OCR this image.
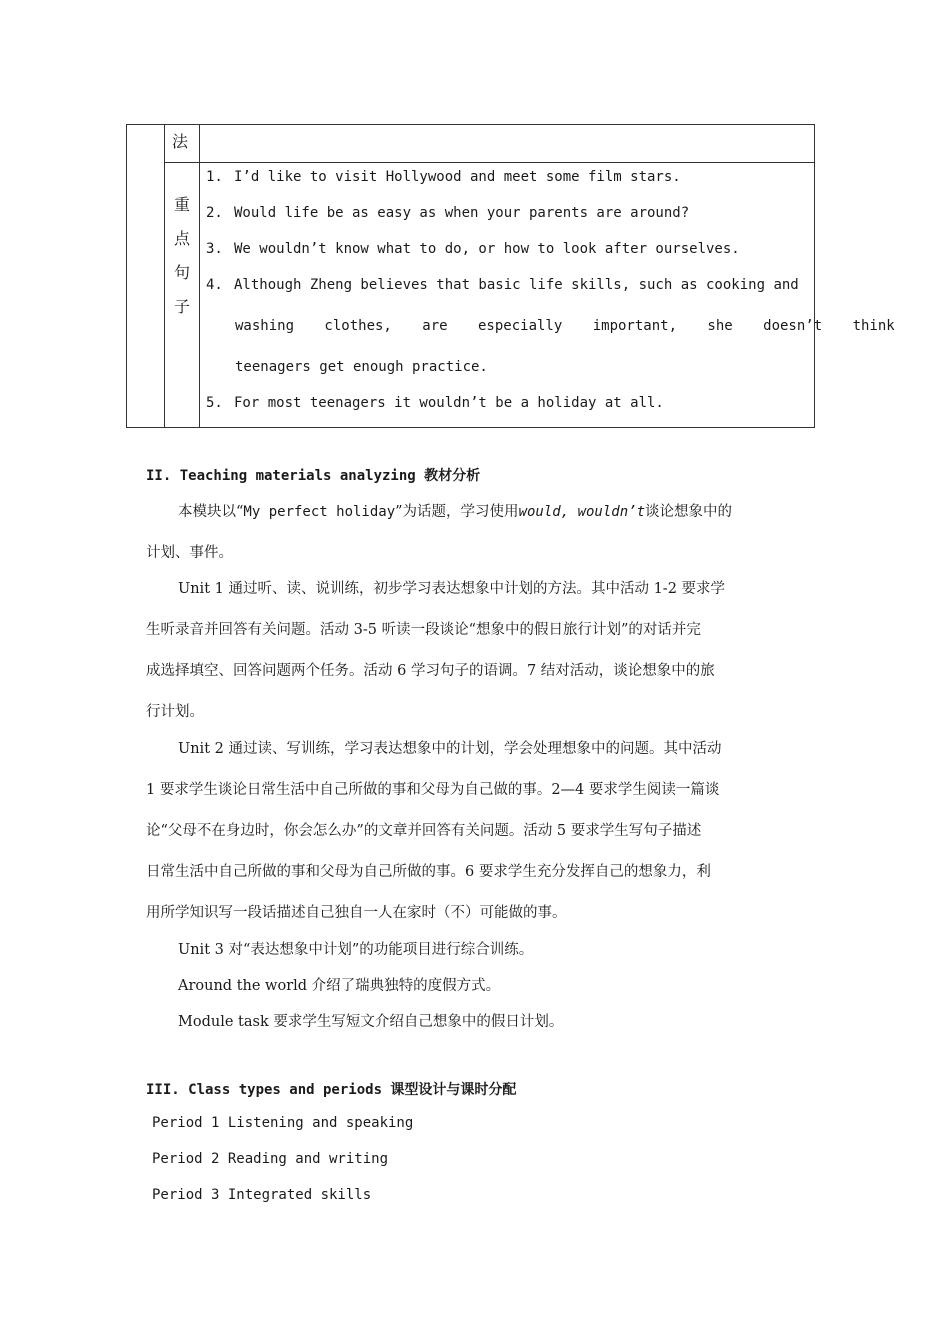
法
重
点
句
子
1. I’d like to visit Hollywood and meet some film stars.
2. Would life be as easy as when your parents are around?
3. We wouldn’t know what to do, or how to look after ourselves.
4. Although Zheng believes that basic life skills, such as cooking and
washing clothes, are especially important, she doesn’t think
teenagers get enough practice.
5. For most teenagers it wouldn’t be a holiday at all.
II. Teaching materials analyzing 教材分析
本模块以“My perfect holiday”为话题，学习使用would, wouldn’t谈论想象中的
计划、事件。
Unit 1 通过听、读、说训练，初步学习表达想象中计划的方法。其中活动 1-2 要求学
生听录音并回答有关问题。活动 3-5 听读一段谈论“想象中的假日旅行计划”的对话并完
成选择填空、回答问题两个任务。活动 6 学习句子的语调。7 结对活动，谈论想象中的旅
行计划。
Unit 2 通过读、写训练，学习表达想象中的计划，学会处理想象中的问题。其中活动
1 要求学生谈论日常生活中自己所做的事和父母为自己做的事。2—4 要求学生阅读一篇谈
论“父母不在身边时，你会怎么办”的文章并回答有关问题。活动 5 要求学生写句子描述
日常生活中自己所做的事和父母为自己所做的事。6 要求学生充分发挥自己的想象力，利
用所学知识写一段话描述自己独自一人在家时（不）可能做的事。
Unit 3 对“表达想象中计划”的功能项目进行综合训练。
Around the world 介绍了瑞典独特的度假方式。
Module task 要求学生写短文介绍自己想象中的假日计划。
III. Class types and periods 课型设计与课时分配
Period 1 Listening and speaking
Period 2 Reading and writing
Period 3 Integrated skills
